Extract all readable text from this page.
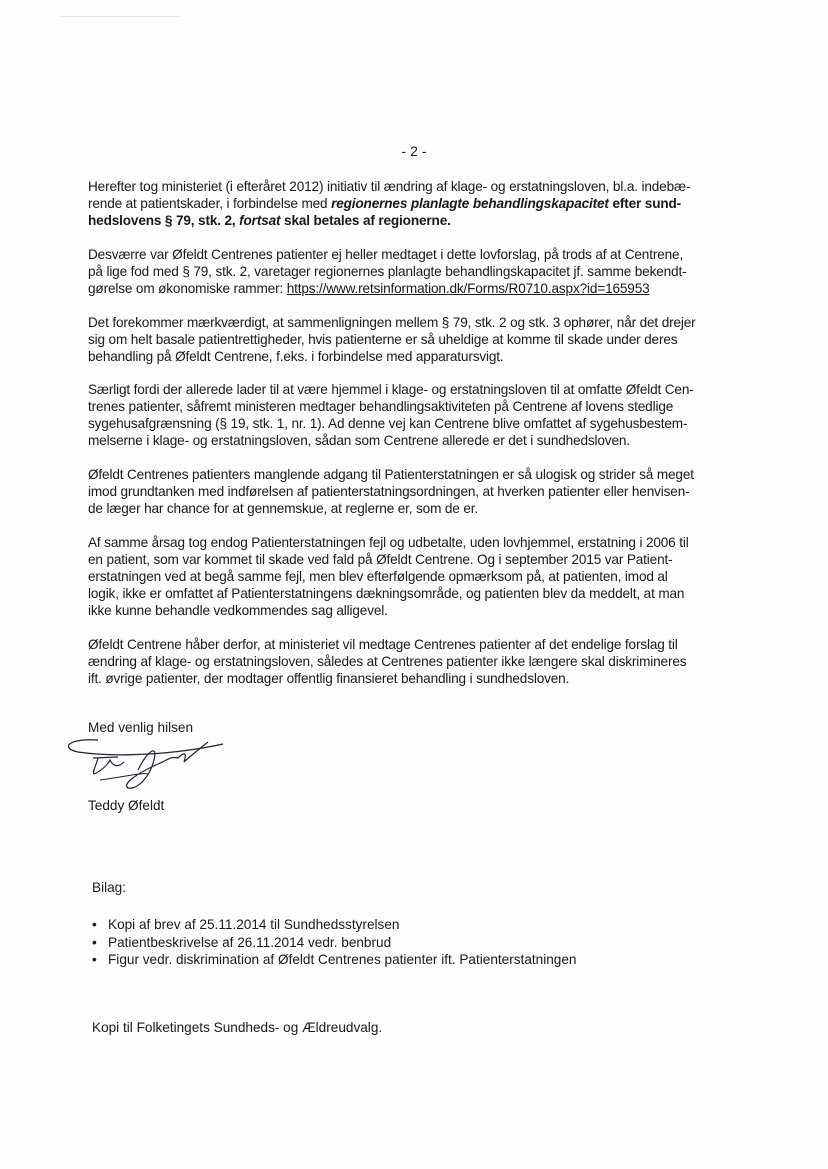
- 2 -
Herefter tog ministeriet (i efteråret 2012) initiativ til ændring af klage- og erstatningsloven, bl.a. indebæ-
rende at patientskader, i forbindelse med regionernes planlagte behandlingskapacitet efter sund-
hedslovens § 79, stk. 2, fortsat skal betales af regionerne.
Desværre var Øfeldt Centrenes patienter ej heller medtaget i dette lovforslag, på trods af at Centrene,
på lige fod med § 79, stk. 2, varetager regionernes planlagte behandlingskapacitet jf. samme bekendt-
gørelse om økonomiske rammer: https://www.retsinformation.dk/Forms/R0710.aspx?id=165953
Det forekommer mærkværdigt, at sammenligningen mellem § 79, stk. 2 og stk. 3 ophører, når det drejer
sig om helt basale patientrettigheder, hvis patienterne er så uheldige at komme til skade under deres
behandling på Øfeldt Centrene, f.eks. i forbindelse med apparatursvigt.
Særligt fordi der allerede lader til at være hjemmel i klage- og erstatningsloven til at omfatte Øfeldt Cen-
trenes patienter, såfremt ministeren medtager behandlingsaktiviteten på Centrene af lovens stedlige
sygehusafgrænsning (§ 19, stk. 1, nr. 1). Ad denne vej kan Centrene blive omfattet af sygehusbestem-
melserne i klage- og erstatningsloven, sådan som Centrene allerede er det i sundhedsloven.
Øfeldt Centrenes patienters manglende adgang til Patienterstatningen er så ulogisk og strider så meget
imod grundtanken med indførelsen af patienterstatningsordningen, at hverken patienter eller henvisen-
de læger har chance for at gennemskue, at reglerne er, som de er.
Af samme årsag tog endog Patienterstatningen fejl og udbetalte, uden lovhjemmel, erstatning i 2006 til
en patient, som var kommet til skade ved fald på Øfeldt Centrene. Og i september 2015 var Patient-
erstatningen ved at begå samme fejl, men blev efterfølgende opmærksom på, at patienten, imod al
logik, ikke er omfattet af Patienterstatningens dækningsområde, og patienten blev da meddelt, at man
ikke kunne behandle vedkommendes sag alligevel.
Øfeldt Centrene håber derfor, at ministeriet vil medtage Centrenes patienter af det endelige forslag til
ændring af klage- og erstatningsloven, således at Centrenes patienter ikke længere skal diskrimineres
ift. øvrige patienter, der modtager offentlig finansieret behandling i sundhedsloven.
Med venlig hilsen
Teddy Øfeldt
Bilag:
• Kopi af brev af 25.11.2014 til Sundhedsstyrelsen
• Patientbeskrivelse af 26.11.2014 vedr. benbrud
• Figur vedr. diskrimination af Øfeldt Centrenes patienter ift. Patienterstatningen
Kopi til Folketingets Sundheds- og Ældreudvalg.
